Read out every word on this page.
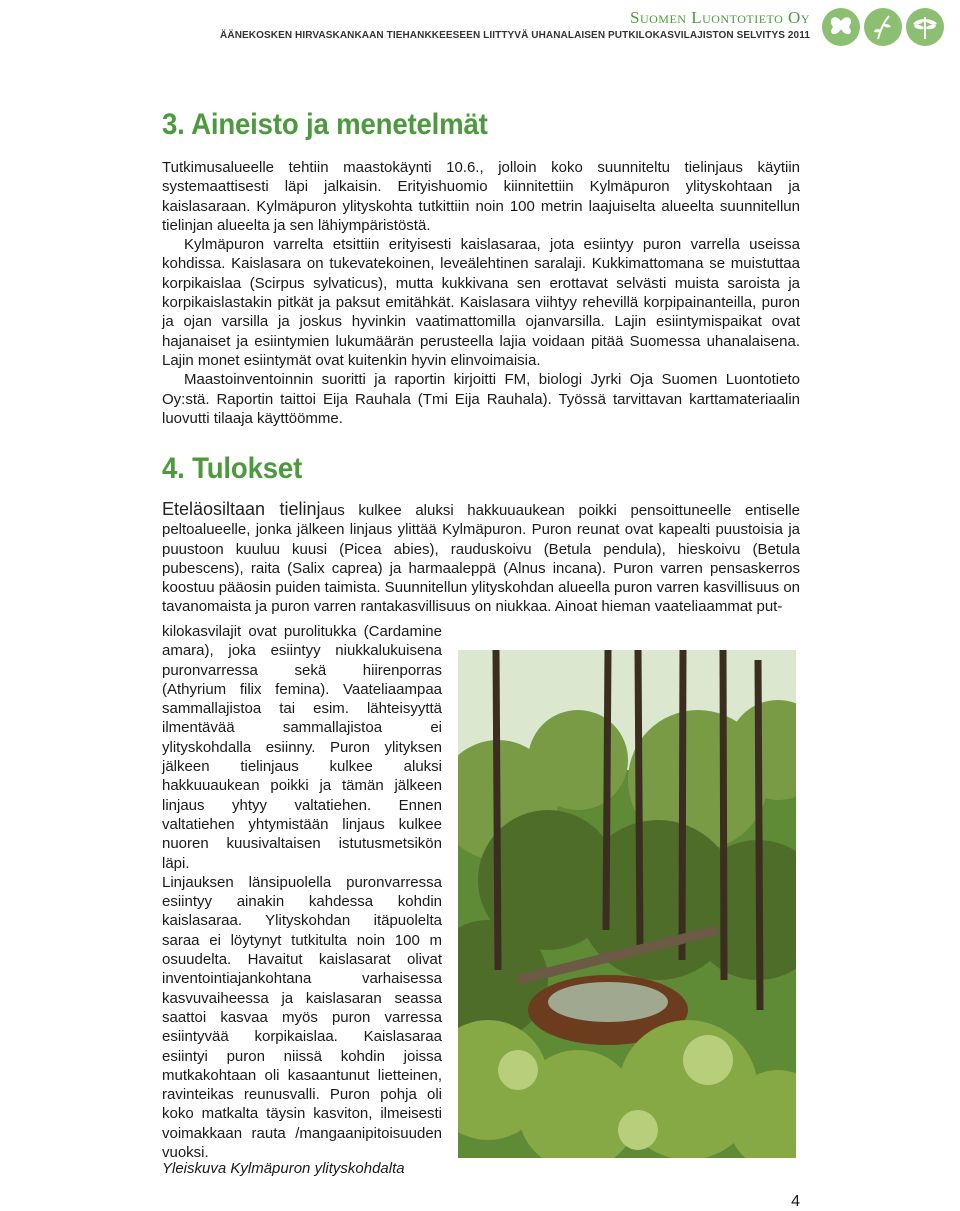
Suomen Luontotieto Oy
ÄÄNEKOSKEN HIRVASKANKAAN TIEHANKKEESEEN LIITTYVÄ UHANALAISEN PUTKILOKASVILAJISTON SELVITYS 2011
3. Aineisto ja menetelmät

Tutkimusalueelle tehtiin maastokäynti 10.6., jolloin koko suunniteltu tielinjaus käytiin systemaattisesti läpi jalkaisin. Erityishuomio kiinnitettiin Kylmäpuron ylityskohtaan ja kaislasaraan. Kylmäpuron ylityskohta tutkittiin noin 100 metrin laajuiselta alueelta suunnitellun tielinjan alueelta ja sen lähiympäristöstä.

Kylmäpuron varrelta etsittiin erityisesti kaislasaraa, jota esiintyy puron varrella useissa kohdissa. Kaislasara on tukevatekoinen, leveälehtinen saralaji. Kukkimattomana se muistuttaa korpikaislaa (Scirpus sylvaticus), mutta kukkivana sen erottavat selvästi muista saroista ja korpikaislastakin pitkät ja paksut emitähkät. Kaislasara viihtyy rehevillä korpipainanteilla, puron ja ojan varsilla ja joskus hyvinkin vaatimattomilla ojanvarsilla. Lajin esiintymispaikat ovat hajanaiset ja esiintymien lukumäärän perusteella lajia voidaan pitää Suomessa uhanalaisena. Lajin monet esiintymät ovat kuitenkin hyvin elinvoimaisia.

Maastoinventoinnin suoritti ja raportin kirjoitti FM, biologi Jyrki Oja Suomen Luontotieto Oy:stä. Raportin taittoi Eija Rauhala (Tmi Eija Rauhala). Työssä tarvittavan karttamateriaalin luovutti tilaaja käyttöömme.

4. Tulokset

Eteläosiltaan tielinjaus kulkee aluksi hakkuuaukean poikki pensoittuneelle entiselle peltoalueelle, jonka jälkeen linjaus ylittää Kylmäpuron. Puron reunat ovat kapealti puustoisia ja puustoon kuuluu kuusi (Picea abies), rauduskoivu (Betula pendula), hieskoivu (Betula pubescens), raita (Salix caprea) ja harmaaleppä (Alnus incana). Puron varren pensaskerros koostuu pääosin puiden taimista. Suunnitellun ylityskohdan alueella puron varren kasvillisuus on tavanomaista ja puron varren rantakasvillisuus on niukkaa. Ainoat hieman vaateliaammat put-

kilokasvilajit ovat purolitukka (Cardamine amara), joka esiintyy niukkalukuisena puronvarressa sekä hiirenporras (Athyrium filix femina). Vaateliaampaa sammallajistoa tai esim. lähteisyyttä ilmentävää sammallajistoa ei ylityskohdalla esiinny. Puron ylityksen jälkeen tielinjaus kulkee aluksi hakkuuaukean poikki ja tämän jälkeen linjaus yhtyy valtatiehen. Ennen valtatiehen yhtymistään linjaus kulkee nuoren kuusivaltaisen istutusmetsikön läpi.

Linjauksen länsipuolella puronvarressa esiintyy ainakin kahdessa kohdin kaislasaraa. Ylityskohdan itäpuolelta saraa ei löytynyt tutkitulta noin 100 m osuudelta. Havaitut kaislasarat olivat inventointiajankohtana varhaisessa kasvuvaiheessa ja kaislasaran seassa saattoi kasvaa myös puron varressa esiintyvää korpikaislaa. Kaislasaraa esiintyi puron niissä kohdin joissa mutkakohtaan oli kasaantunut lietteinen, ravinteikas reunusvalli. Puron pohja oli koko matkalta täysin kasviton, ilmeisesti voimakkaan rauta /mangaanipitoisuuden vuoksi.

Yleiskuva Kylmäpuron ylityskohdalta
4
